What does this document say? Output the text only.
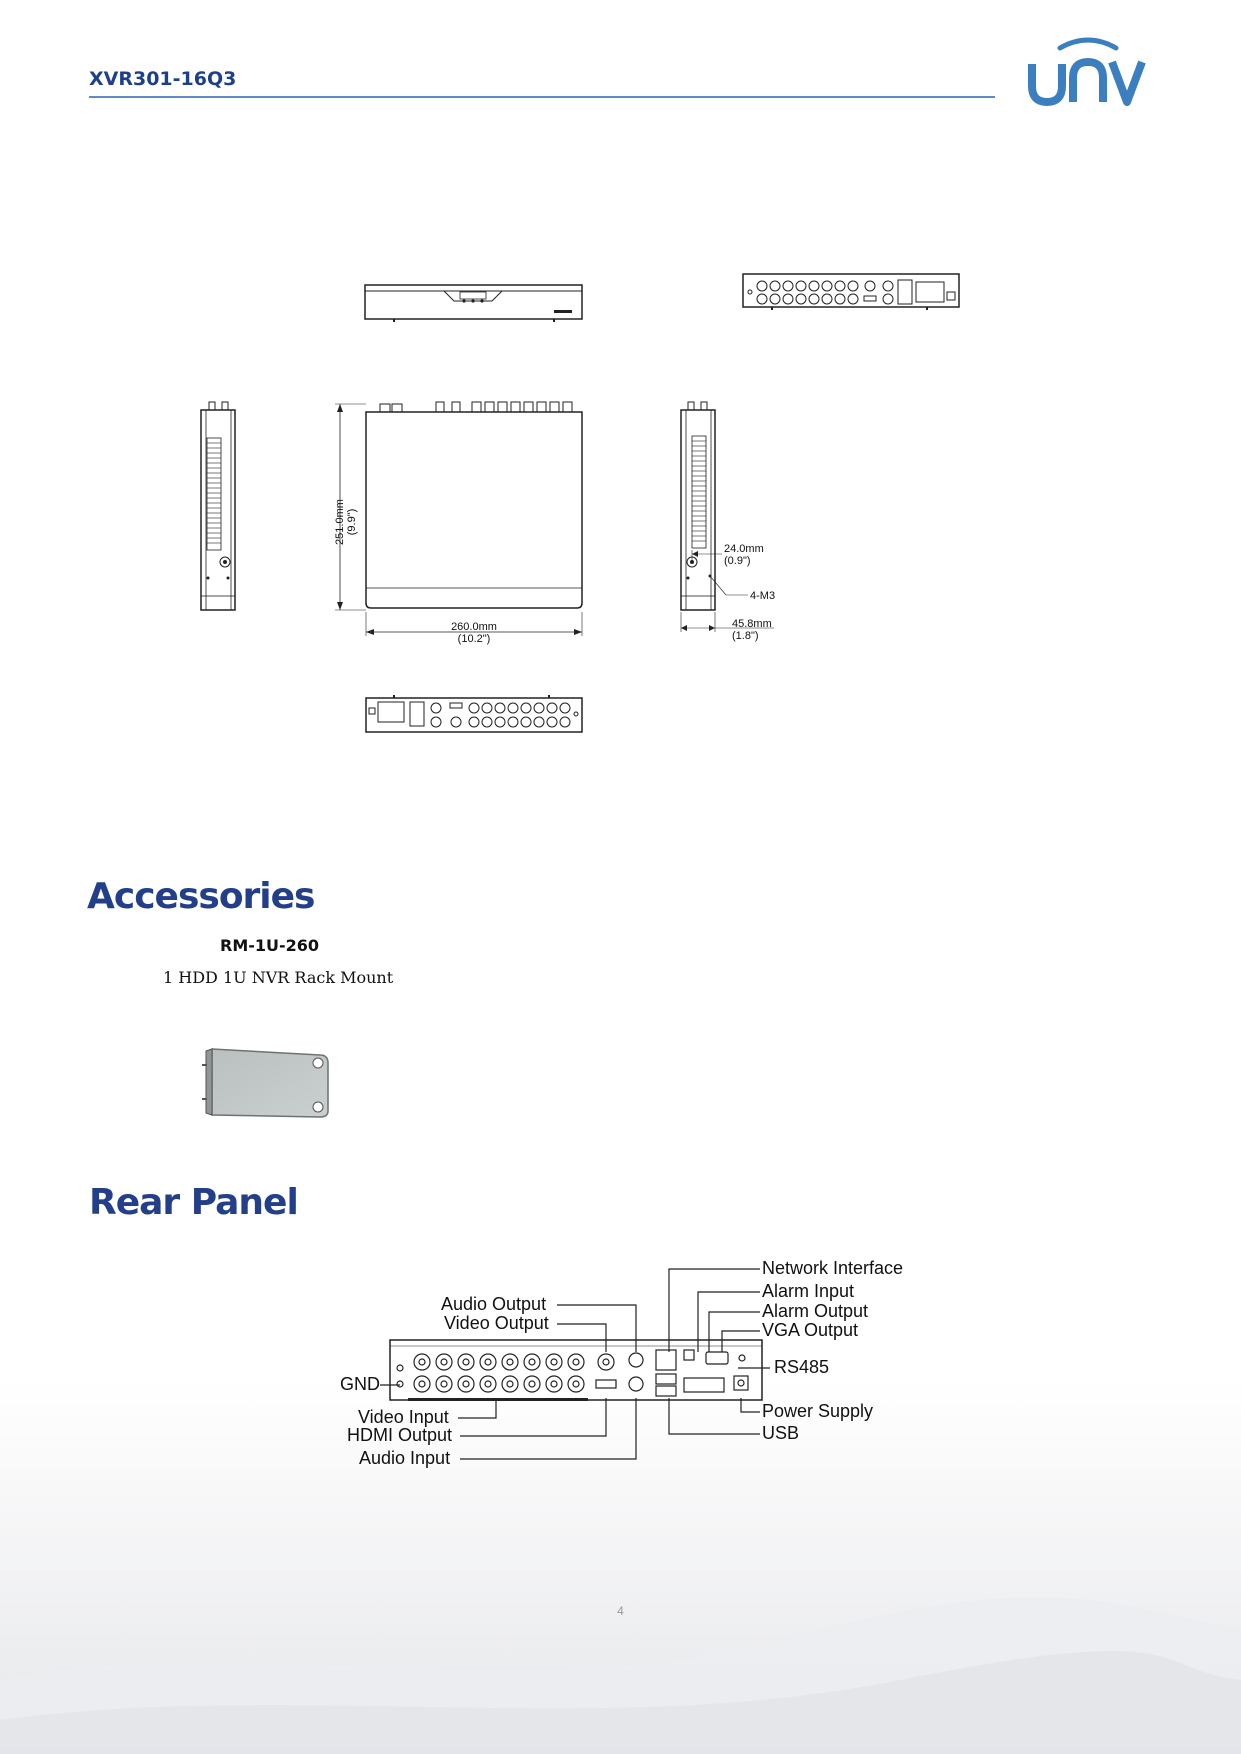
XVR301-16Q3
251.0mm (9.9")
260.0mm
(10.2")
24.0mm
(0.9")
4-M3
45.8mm
(1.8")
Accessories
RM-1U-260
1 HDD 1U NVR Rack Mount
Rear Panel
Network Interface
Alarm Input
Alarm Output
VGA Output
RS485
Power Supply
USB
Audio Output
Video Output
GND
Video Input
HDMI Output
Audio Input
4
